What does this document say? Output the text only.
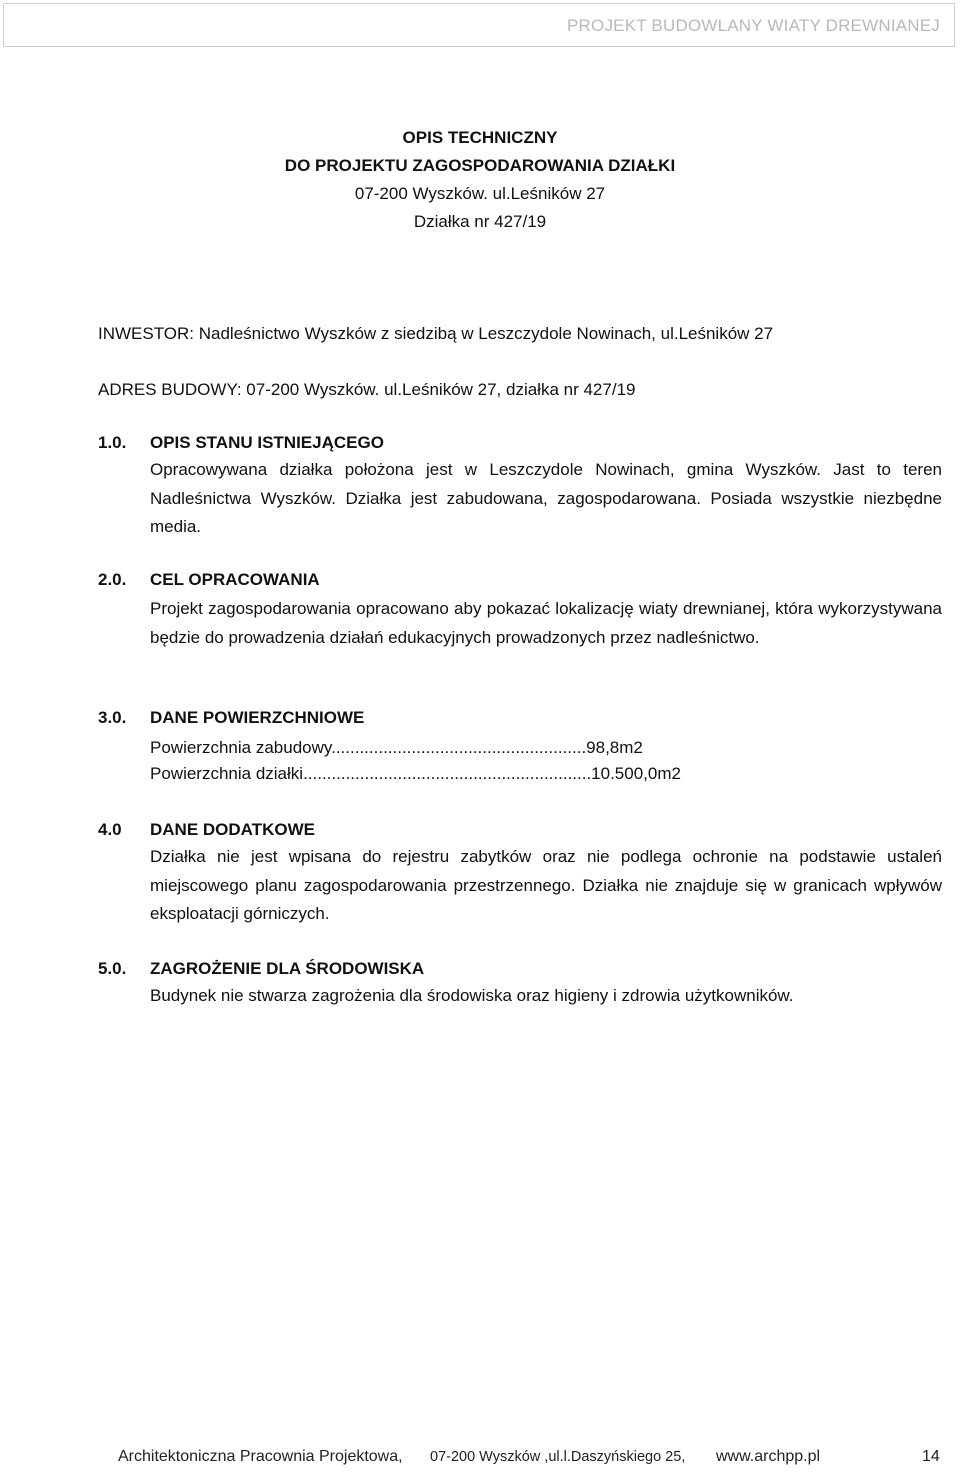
PROJEKT BUDOWLANY WIATY DREWNIANEJ
OPIS TECHNICZNY
DO PROJEKTU ZAGOSPODAROWANIA DZIAŁKI
07-200 Wyszków. ul.Leśników 27
Działka nr 427/19
INWESTOR: Nadleśnictwo Wyszków z siedzibą w Leszczydole Nowinach, ul.Leśników 27
ADRES BUDOWY: 07-200 Wyszków. ul.Leśników 27, działka nr 427/19
1.0. OPIS STANU ISTNIEJĄCEGO

Opracowywana działka położona jest w Leszczydole Nowinach, gmina Wyszków. Jast to teren Nadleśnictwa Wyszków. Działka jest zabudowana, zagospodarowana. Posiada wszystkie niezbędne media.

2.0. CEL OPRACOWANIA

Projekt zagospodarowania opracowano aby pokazać lokalizację wiaty drewnianej, która wykorzystywana będzie do prowadzenia działań edukacyjnych prowadzonych przez nadleśnictwo.

3.0. DANE POWIERZCHNIOWE
Powierzchnia zabudowy......................................................98,8m2
Powierzchnia działki.............................................................10.500,0m2
4.0 DANE DODATKOWE

Działka nie jest wpisana do rejestru zabytków oraz nie podlega ochronie na podstawie ustaleń miejscowego planu zagospodarowania przestrzennego. Działka nie znajduje się w granicach wpływów eksploatacji górniczych.

5.0. ZAGROŻENIE DLA ŚRODOWISKA
Budynek nie stwarza zagrożenia dla środowiska oraz higieny i zdrowia użytkowników.
Architektoniczna Pracownia Projektowa, 07-200 Wyszków ,ul.l.Daszyńskiego 25, www.archpp.pl	14
